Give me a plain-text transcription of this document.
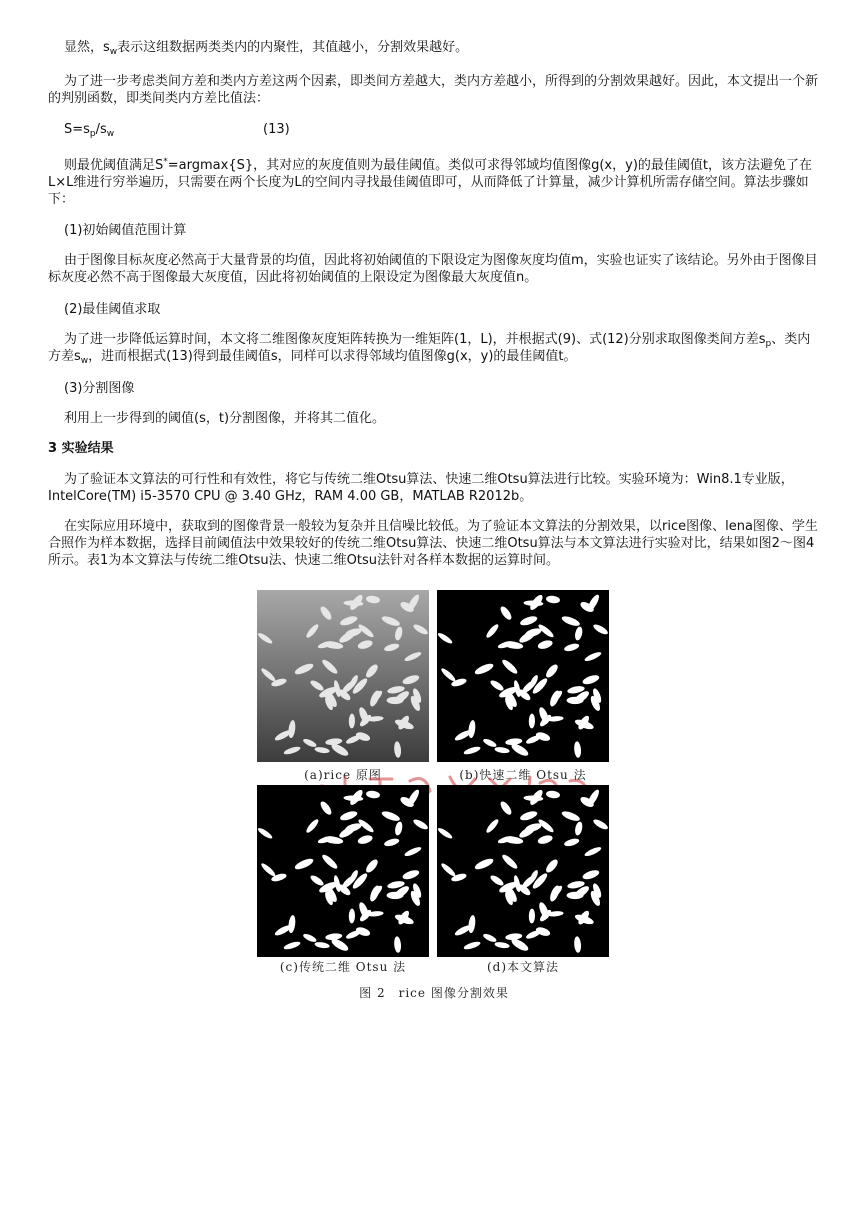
显然，$s_w$表示这组数据两类类内的内聚性，其值越小，分割效果越好。
为了进一步考虑类间方差和类内方差这两个因素，即类间方差越大，类内方差越小，所得到的分割效果越好。因此，本文提出一个新的判别函数，即类间类内方差比值法：
$S=s_p/s_w$	(13)
则最优阈值满足S*=argmax{S}，其对应的灰度值则为最佳阈值。类似可求得邻域均值图像g(x，y)的最佳阈值t，该方法避免了在L×L维进行穷举遍历，只需要在两个长度为L的空间内寻找最佳阈值即可，从而降低了计算量，减少计算机所需存储空间。算法步骤如下：
(1)初始阈值范围计算
由于图像目标灰度必然高于大量背景的均值，因此将初始阈值的下限设定为图像灰度均值m，实验也证实了该结论。另外由于图像目标灰度必然不高于图像最大灰度值，因此将初始阈值的上限设定为图像最大灰度值n。
(2)最佳阈值求取
为了进一步降低运算时间，本文将二维图像灰度矩阵转换为一维矩阵(1，L)，并根据式(9)、式(12)分别求取图像类间方差$s_p$、类内方差$s_w$，进而根据式(13)得到最佳阈值s，同样可以求得邻域均值图像g(x，y)的最佳阈值t。
(3)分割图像
利用上一步得到的阈值(s，t)分割图像，并将其二值化。
3 实验结果
为了验证本文算法的可行性和有效性，将它与传统二维Otsu算法、快速二维Otsu算法进行比较。实验环境为：Win8.1专业版，IntelCore(TM) i5-3570 CPU @ 3.40 GHz，RAM 4.00 GB，MATLAB R2012b。
在实际应用环境中，获取到的图像背景一般较为复杂并且信噪比较低。为了验证本文算法的分割效果，以rice图像、lena图像、学生合照作为样本数据，选择目前阈值法中效果较好的传统二维Otsu算法、快速二维Otsu算法与本文算法进行实验对比，结果如图2～图4所示。表1为本文算法与传统二维Otsu法、快速二维Otsu法针对各样本数据的运算时间。
(a)rice 原图	(b)快速二维 Otsu 法
(c)传统二维 Otsu 法	(d)本文算法
图 2　rice 图像分割效果
